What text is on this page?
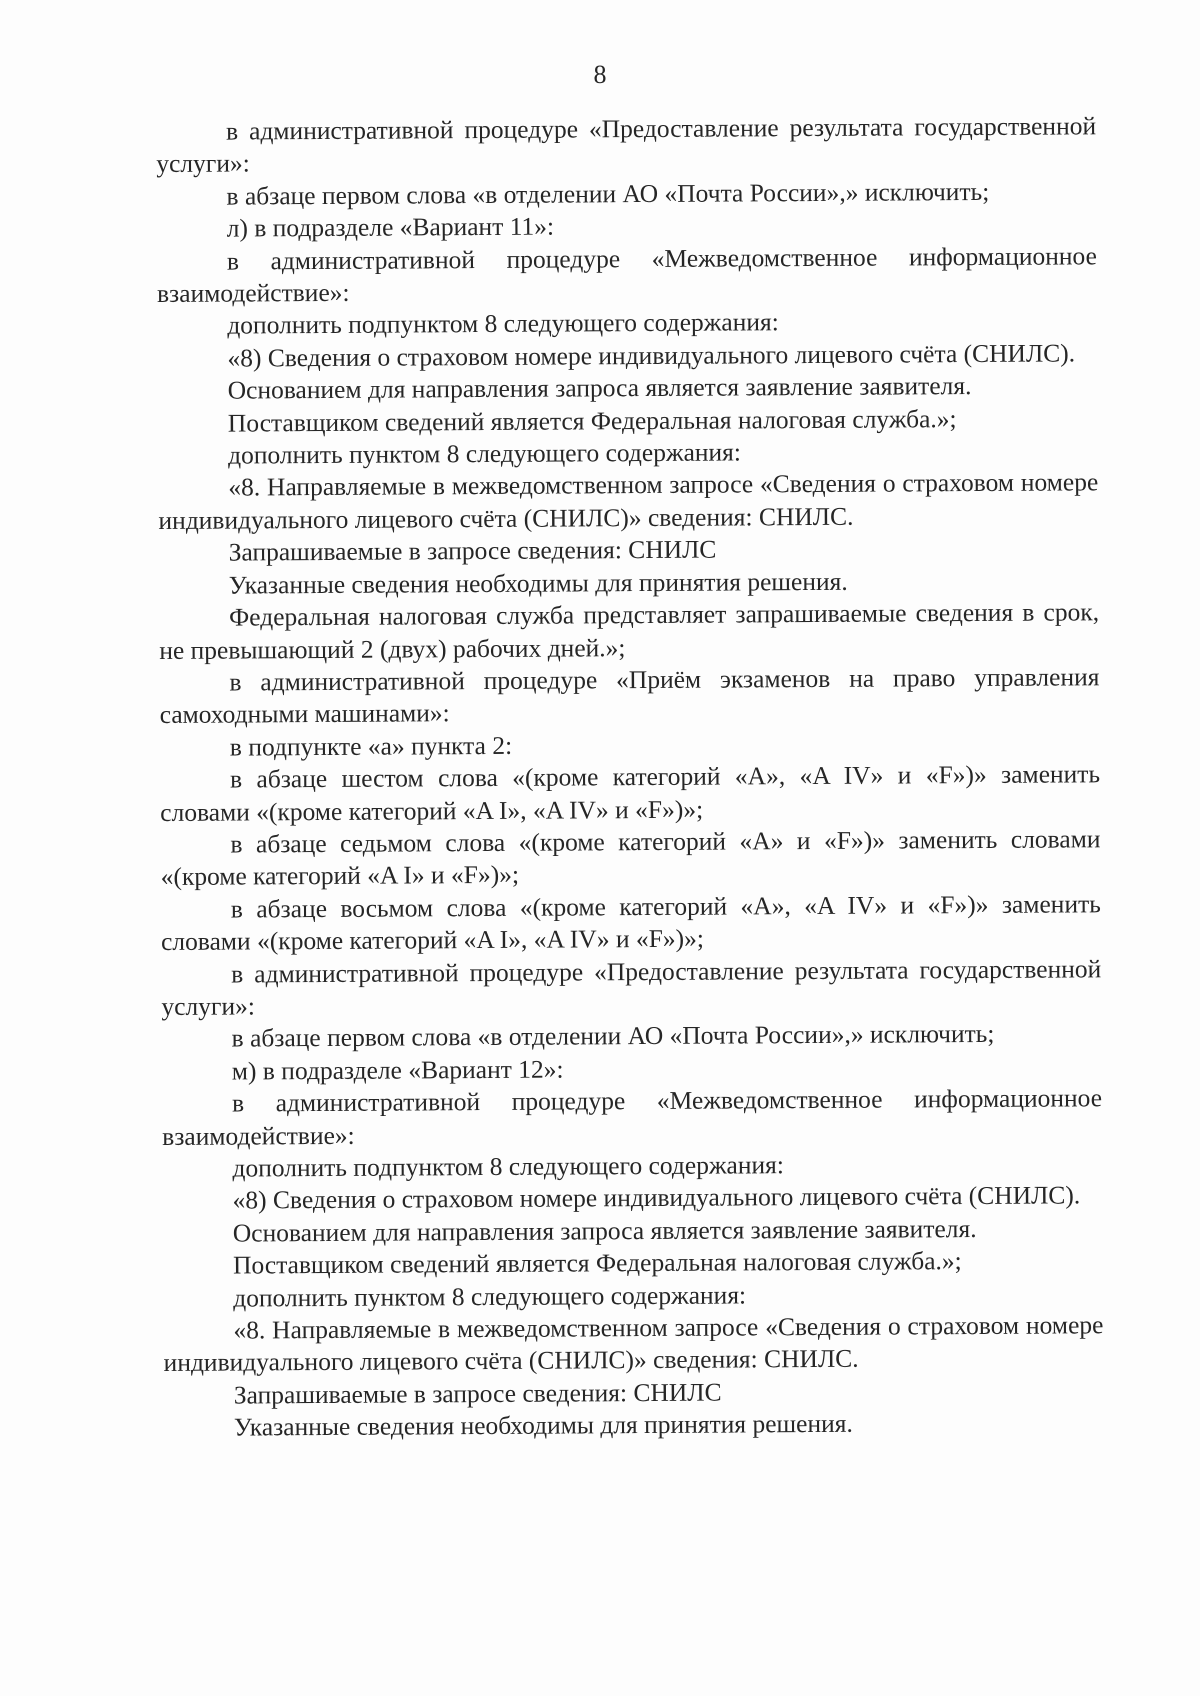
8

в административной процедуре «Предоставление результата государственной услуги»:

в абзаце первом слова «в отделении АО «Почта России»,» исключить;

л) в подразделе «Вариант 11»:

в административной процедуре «Межведомственное информационное взаимодействие»:

дополнить подпунктом 8 следующего содержания:

«8) Сведения о страховом номере индивидуального лицевого счёта (СНИЛС).

Основанием для направления запроса является заявление заявителя.

Поставщиком сведений является Федеральная налоговая служба.»;

дополнить пунктом 8 следующего содержания:

«8. Направляемые в межведомственном запросе «Сведения о страховом номере индивидуального лицевого счёта (СНИЛС)» сведения: СНИЛС.

Запрашиваемые в запросе сведения: СНИЛС

Указанные сведения необходимы для принятия решения.

Федеральная налоговая служба представляет запрашиваемые сведения в срок, не превышающий 2 (двух) рабочих дней.»;

в административной процедуре «Приём экзаменов на право управления самоходными машинами»:

в подпункте «а» пункта 2:

в абзаце шестом слова «(кроме категорий «A», «A IV» и «F»)» заменить словами «(кроме категорий «A I», «A IV» и «F»)»;

в абзаце седьмом слова «(кроме категорий «A» и «F»)» заменить словами «(кроме категорий «A I» и «F»)»;

в абзаце восьмом слова «(кроме категорий «A», «A IV» и «F»)» заменить словами «(кроме категорий «A I», «A IV» и «F»)»;

в административной процедуре «Предоставление результата государственной услуги»:

в абзаце первом слова «в отделении АО «Почта России»,» исключить;

м) в подразделе «Вариант 12»:

в административной процедуре «Межведомственное информационное взаимодействие»:

дополнить подпунктом 8 следующего содержания:

«8) Сведения о страховом номере индивидуального лицевого счёта (СНИЛС).

Основанием для направления запроса является заявление заявителя.

Поставщиком сведений является Федеральная налоговая служба.»;

дополнить пунктом 8 следующего содержания:

«8. Направляемые в межведомственном запросе «Сведения о страховом номере индивидуального лицевого счёта (СНИЛС)» сведения: СНИЛС.

Запрашиваемые в запросе сведения: СНИЛС

Указанные сведения необходимы для принятия решения.
